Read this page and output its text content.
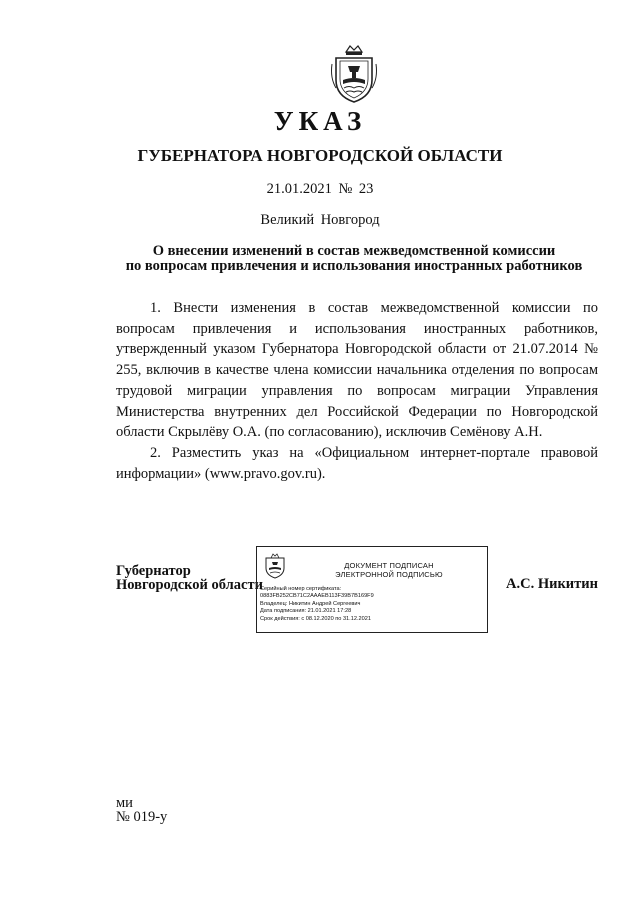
УКАЗ
ГУБЕРНАТОРА НОВГОРОДСКОЙ ОБЛАСТИ
21.01.2021 № 23
Великий Новгород
О внесении изменений в состав межведомственной комиссии
по вопросам привлечения и использования иностранных работников

1. Внести изменения в состав межведомственной комиссии по вопросам привлечения и использования иностранных работников, утвержденный указом Губернатора Новгородской области от 21.07.2014 № 255, включив в качестве члена комиссии начальника отделения по вопросам трудовой миграции управления по вопросам миграции Управления Министерства внутренних дел Российской Федерации по Новгородской области Скрылёву О.А. (по согласованию), исключив Семёнову А.Н.

2. Разместить указ на «Официальном интернет-портале правовой информации» (www.pravo.gov.ru).

Губернатор
Новгородской области
ДОКУМЕНТ ПОДПИСАН
ЭЛЕКТРОННОЙ ПОДПИСЬЮ
Серийный номер сертификата:
0883FB252CB71C2AAAEB113F39B7B169F9
Владелец: Никитин Андрей Сергеевич
Дата подписания: 21.01.2021 17:28
Срок действия: с 08.12.2020 по 31.12.2021
А.С. Никитин
ми
№ 019-у
